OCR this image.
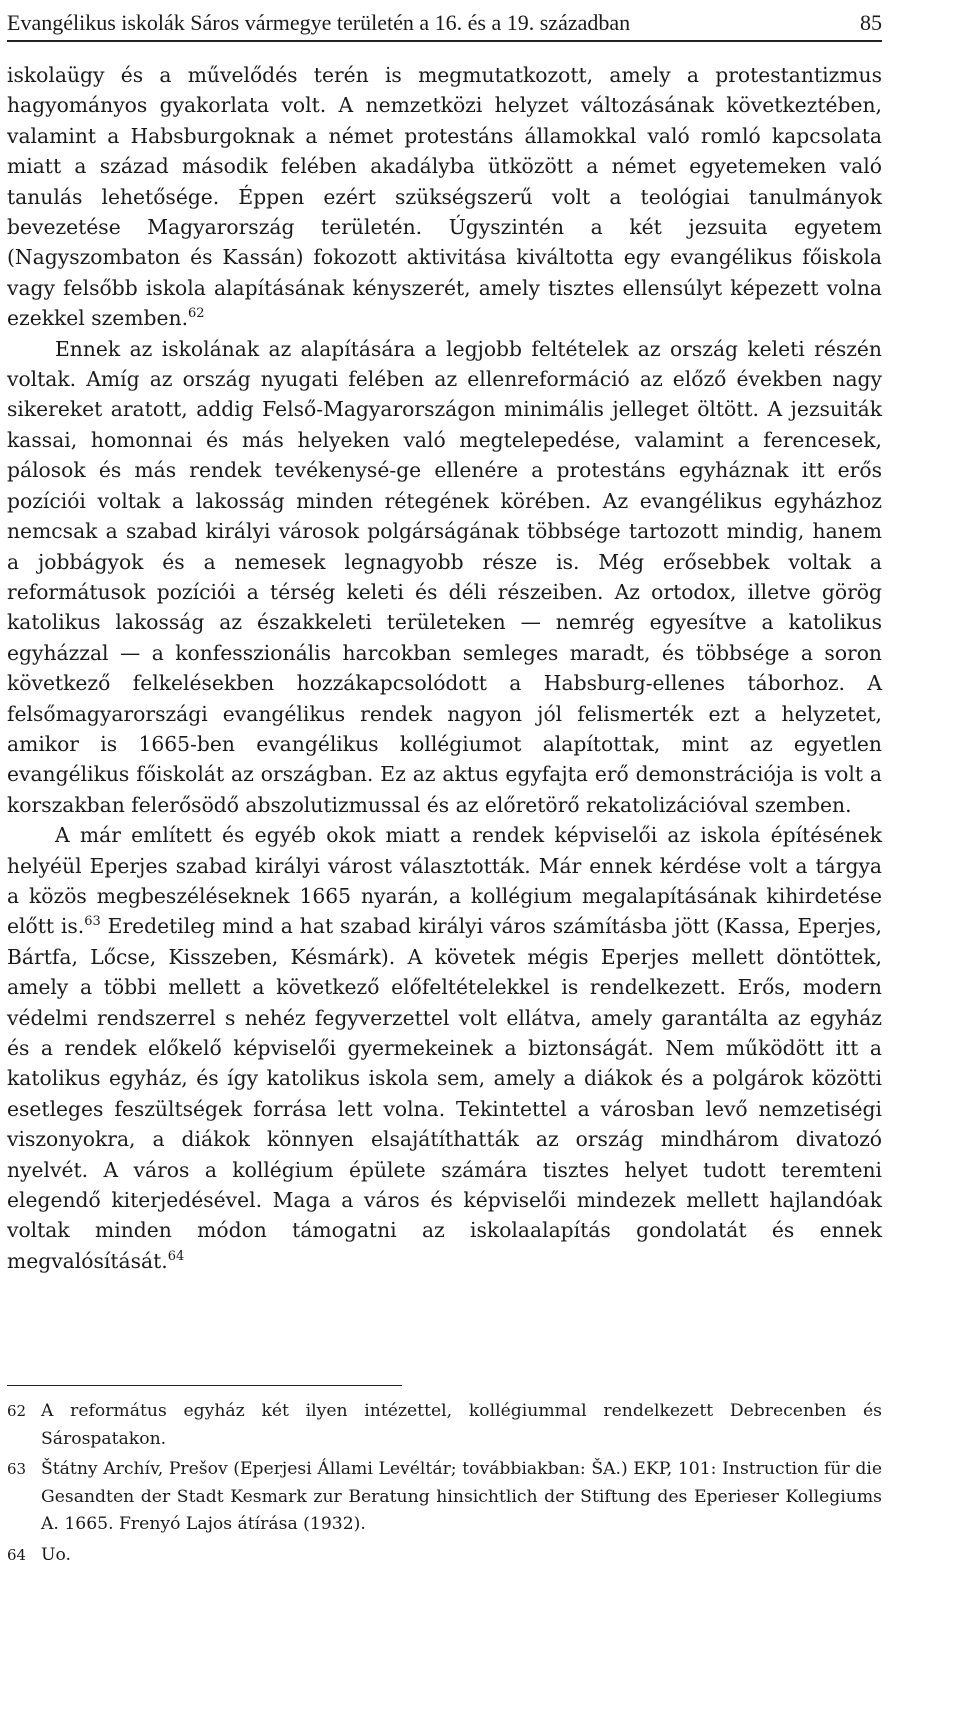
Evangélikus iskolák Sáros vármegye területén a 16. és a 19. században	85

iskolaügy és a művelődés terén is megmutatkozott, amely a protestantizmus hagyományos gyakorlata volt. A nemzetközi helyzet változásának következtében, valamint a Habsburgoknak a német protestáns államokkal való romló kapcsolata miatt a század második felében akadályba ütközött a német egyetemeken való tanulás lehetősége. Éppen ezért szükségszerű volt a teológiai tanulmányok bevezetése Magyarország területén. Úgyszintén a két jezsuita egyetem (Nagyszombaton és Kassán) fokozott aktivitása kiváltotta egy evangélikus főiskola vagy felsőbb iskola alapításának kényszerét, amely tisztes ellensúlyt képezett volna ezekkel szemben.$^{62}$

Ennek az iskolának az alapítására a legjobb feltételek az ország keleti részén voltak. Amíg az ország nyugati felében az ellenreformáció az előző években nagy sikereket aratott, addig Felső-Magyarországon minimális jelleget öltött. A jezsuiták kassai, homonnai és más helyeken való megtelepedése, valamint a ferencesek, pálosok és más rendek tevékenysé-ge ellenére a protestáns egyháznak itt erős pozíciói voltak a lakosság minden rétegének körében. Az evangélikus egyházhoz nemcsak a szabad királyi városok polgárságának többsége tartozott mindig, hanem a jobbágyok és a nemesek legnagyobb része is. Még erősebbek voltak a reformátusok pozíciói a térség keleti és déli részeiben. Az ortodox, illetve görög katolikus lakosság az északkeleti területeken — nemrég egyesítve a katolikus egyházzal — a konfesszionális harcokban semleges maradt, és többsége a soron következő felkelésekben hozzákapcsolódott a Habsburg-ellenes táborhoz. A felsőmagyarországi evangélikus rendek nagyon jól felismerték ezt a helyzetet, amikor is 1665-ben evangélikus kollégiumot alapítottak, mint az egyetlen evangélikus főiskolát az országban. Ez az aktus egyfajta erő demonstrációja is volt a korszakban felerősödő abszolutizmussal és az előretörő rekatolizációval szemben.

A már említett és egyéb okok miatt a rendek képviselői az iskola építésének helyéül Eperjes szabad királyi várost választották. Már ennek kérdése volt a tárgya a közös megbeszéléseknek 1665 nyarán, a kollégium megalapításának kihirdetése előtt is.$^{63}$ Eredetileg mind a hat szabad királyi város számításba jött (Kassa, Eperjes, Bártfa, Lőcse, Kisszeben, Késmárk). A követek mégis Eperjes mellett döntöttek, amely a többi mellett a következő előfeltételekkel is rendelkezett. Erős, modern védelmi rendszerrel s nehéz fegyverzettel volt ellátva, amely garantálta az egyház és a rendek előkelő képviselői gyermekeinek a biztonságát. Nem működött itt a katolikus egyház, és így katolikus iskola sem, amely a diákok és a polgárok közötti esetleges feszültségek forrása lett volna. Tekintettel a városban levő nemzetiségi viszonyokra, a diákok könnyen elsajátíthatták az ország mindhárom divatozó nyelvét. A város a kollégium épülete számára tisztes helyet tudott teremteni elegendő kiterjedésével. Maga a város és képviselői mindezek mellett hajlandóak voltak minden módon támogatni az iskolaalapítás gondolatát és ennek megvalósítását.$^{64}$

62 A református egyház két ilyen intézettel, kollégiummal rendelkezett Debrecenben és Sárospatakon.
63 Štátny Archív, Prešov (Eperjesi Állami Levéltár; továbbiakban: ŠA.) EKP, 101: Instruction für die Gesandten der Stadt Kesmark zur Beratung hinsichtlich der Stiftung des Eperieser Kollegiums A. 1665. Frenyó Lajos átírása (1932).
64 Uo.
